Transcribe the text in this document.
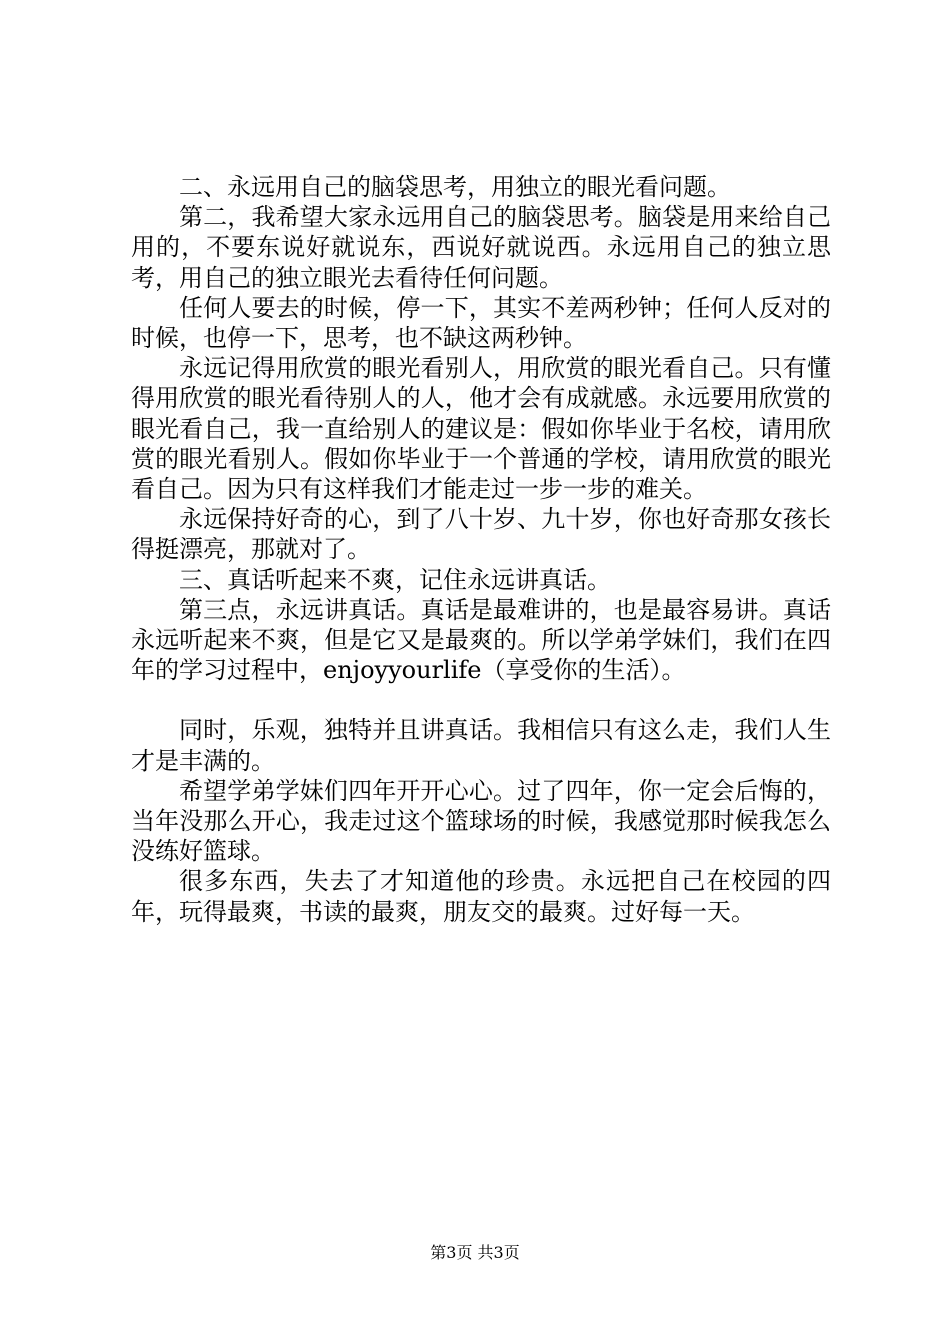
二、永远用自己的脑袋思考，用独立的眼光看问题。

第二，我希望大家永远用自己的脑袋思考。脑袋是用来给自己用的，不要东说好就说东，西说好就说西。永远用自己的独立思考，用自己的独立眼光去看待任何问题。

任何人要去的时候，停一下，其实不差两秒钟；任何人反对的时候，也停一下，思考，也不缺这两秒钟。

永远记得用欣赏的眼光看别人，用欣赏的眼光看自己。只有懂得用欣赏的眼光看待别人的人，他才会有成就感。永远要用欣赏的眼光看自己，我一直给别人的建议是：假如你毕业于名校，请用欣赏的眼光看别人。假如你毕业于一个普通的学校，请用欣赏的眼光看自己。因为只有这样我们才能走过一步一步的难关。

永远保持好奇的心，到了八十岁、九十岁，你也好奇那女孩长得挺漂亮，那就对了。

三、真话听起来不爽，记住永远讲真话。

第三点，永远讲真话。真话是最难讲的，也是最容易讲。真话永远听起来不爽，但是它又是最爽的。所以学弟学妹们，我们在四年的学习过程中，enjoyyourlife（享受你的生活）。

同时，乐观，独特并且讲真话。我相信只有这么走，我们人生才是丰满的。

希望学弟学妹们四年开开心心。过了四年，你一定会后悔的，当年没那么开心，我走过这个篮球场的时候，我感觉那时候我怎么没练好篮球。

很多东西，失去了才知道他的珍贵。永远把自己在校园的四年，玩得最爽，书读的最爽，朋友交的最爽。过好每一天。

第3页 共3页
